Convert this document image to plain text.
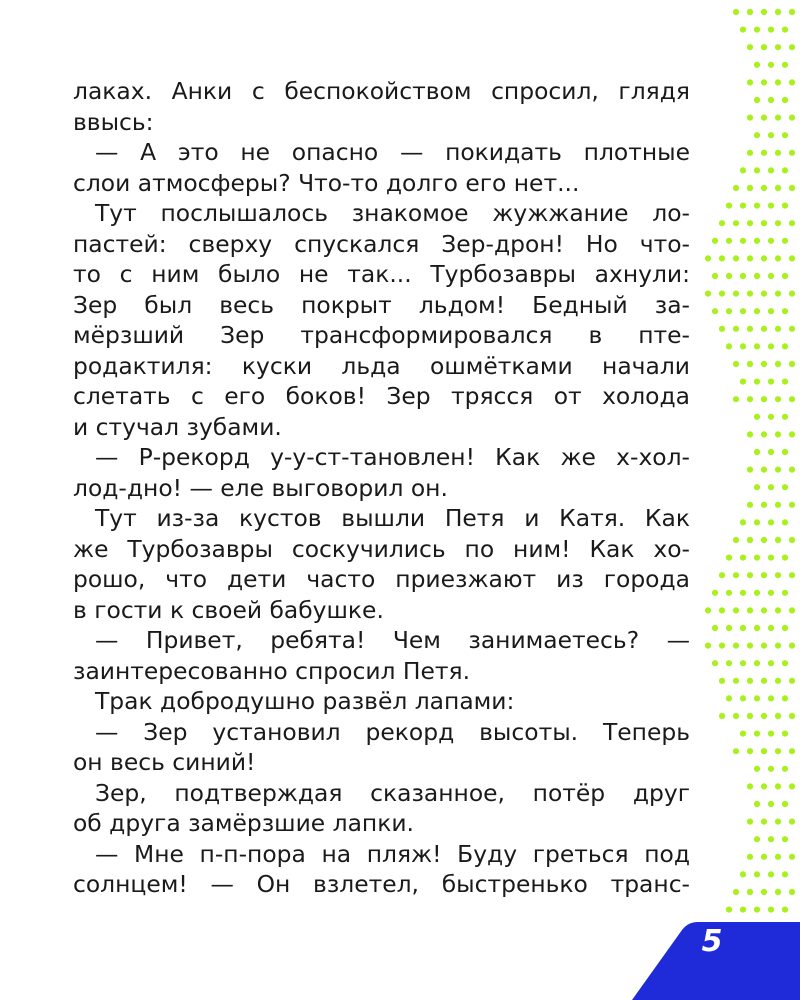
лаках. Анки с беспокойством спросил, глядя
ввысь:
— А это не опасно — покидать плотные
слои атмосферы? Что-то долго его нет...
Тут послышалось знакомое жужжание ло-
пастей: сверху спускался Зер-дрон! Но что-
то с ним было не так... Турбозавры ахнули:
Зер был весь покрыт льдом! Бедный за-
мёрзший Зер трансформировался в пте-
родактиля: куски льда ошмётками начали
слетать с его боков! Зер трясся от холода
и стучал зубами.
— Р-рекорд у-у-ст-тановлен! Как же х-хол-
лод-дно! — еле выговорил он.
Тут из-за кустов вышли Петя и Катя. Как
же Турбозавры соскучились по ним! Как хо-
рошо, что дети часто приезжают из города
в гости к своей бабушке.
— Привет, ребята! Чем занимаетесь? —
заинтересованно спросил Петя.
Трак добродушно развёл лапами:
— Зер установил рекорд высоты. Теперь
он весь синий!
Зер, подтверждая сказанное, потёр друг
об друга замёрзшие лапки.
— Мне п-п-пора на пляж! Буду греться под
солнцем! — Он взлетел, быстренько транс-
5
